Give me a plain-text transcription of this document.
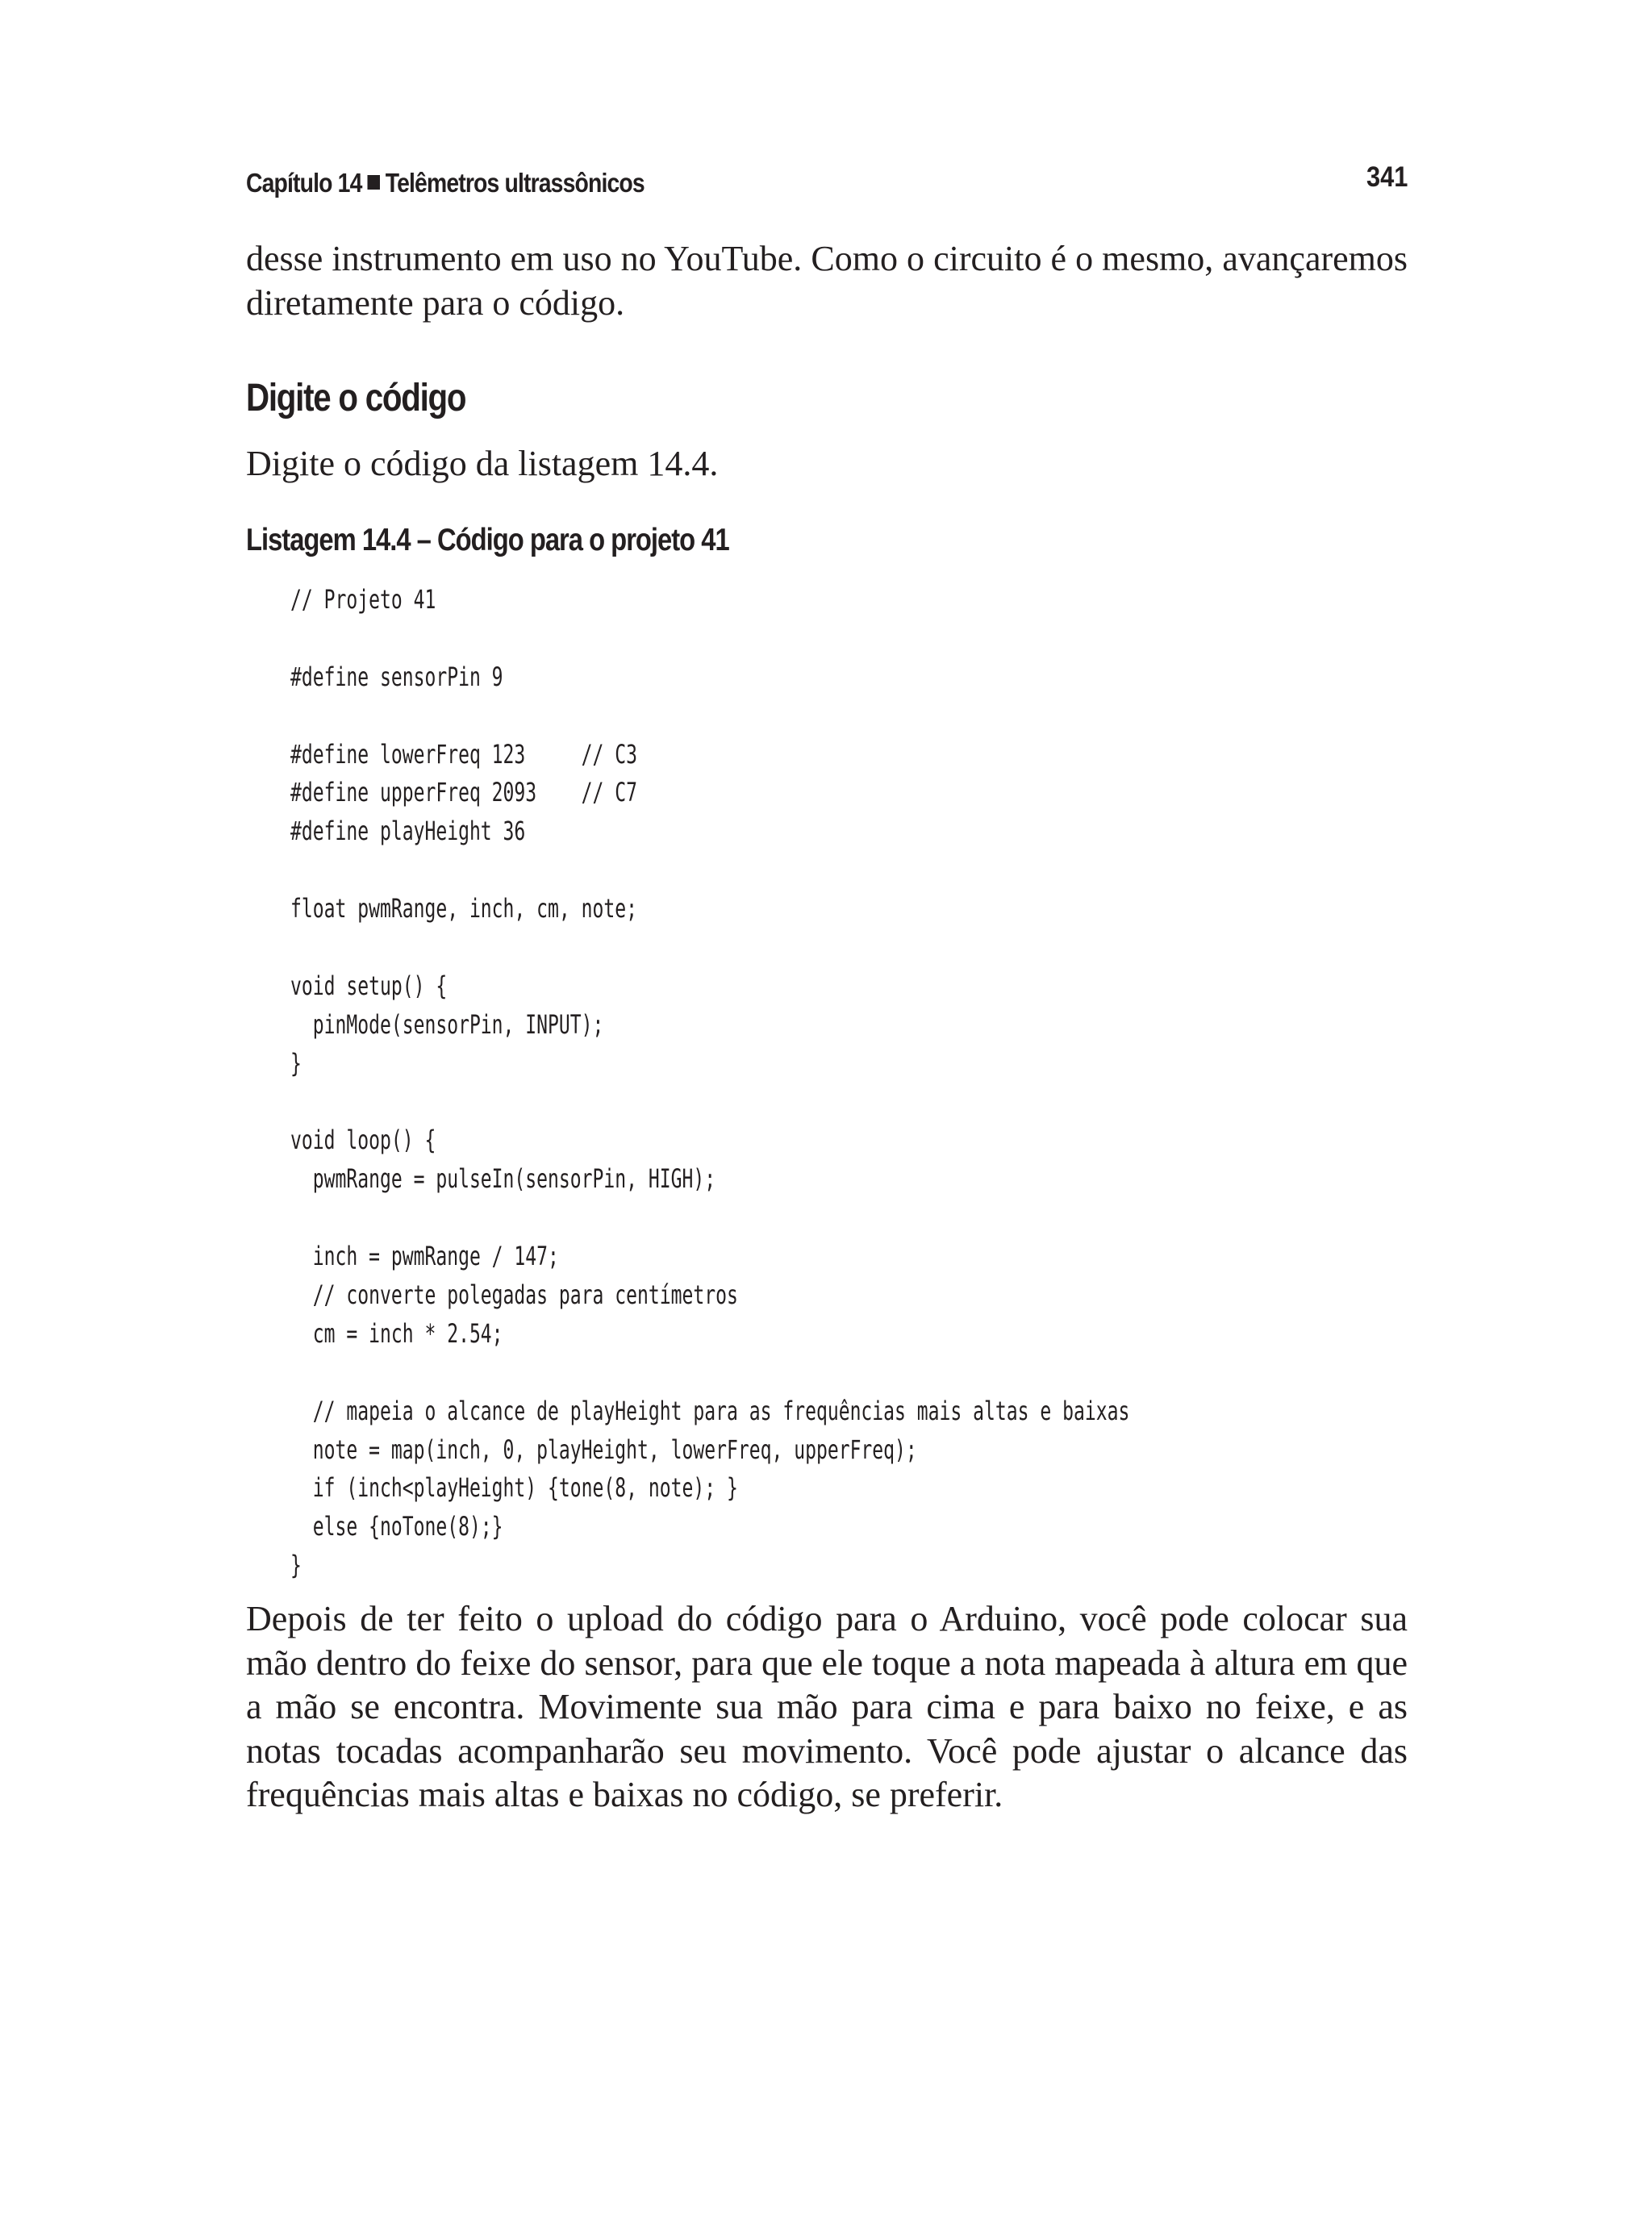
Capítulo 14 Telêmetros ultrassônicos	341

desse instrumento em uso no YouTube. Como o circuito é o mesmo, avançaremos diretamente para o código.

Digite o código

Digite o código da listagem 14.4.

Listagem 14.4 – Código para o projeto 41
// Projeto 41
#define sensorPin 9
#define lowerFreq 123     // C3
#define upperFreq 2093    // C7
#define playHeight 36
float pwmRange, inch, cm, note;
void setup() {
pinMode(sensorPin, INPUT);
}
void loop() {
pwmRange = pulseIn(sensorPin, HIGH);
inch = pwmRange / 147;
// converte polegadas para centímetros
cm = inch * 2.54;
// mapeia o alcance de playHeight para as frequências mais altas e baixas
note = map(inch, 0, playHeight, lowerFreq, upperFreq);
if (inch<playHeight) {tone(8, note); }
else {noTone(8);}
}

Depois de ter feito o upload do código para o Arduino, você pode colocar sua mão dentro do feixe do sensor, para que ele toque a nota mapeada à altura em que a mão se encontra. Movimente sua mão para cima e para baixo no feixe, e as notas tocadas acompanharão seu movimento. Você pode ajustar o alcance das frequências mais altas e baixas no código, se preferir.
